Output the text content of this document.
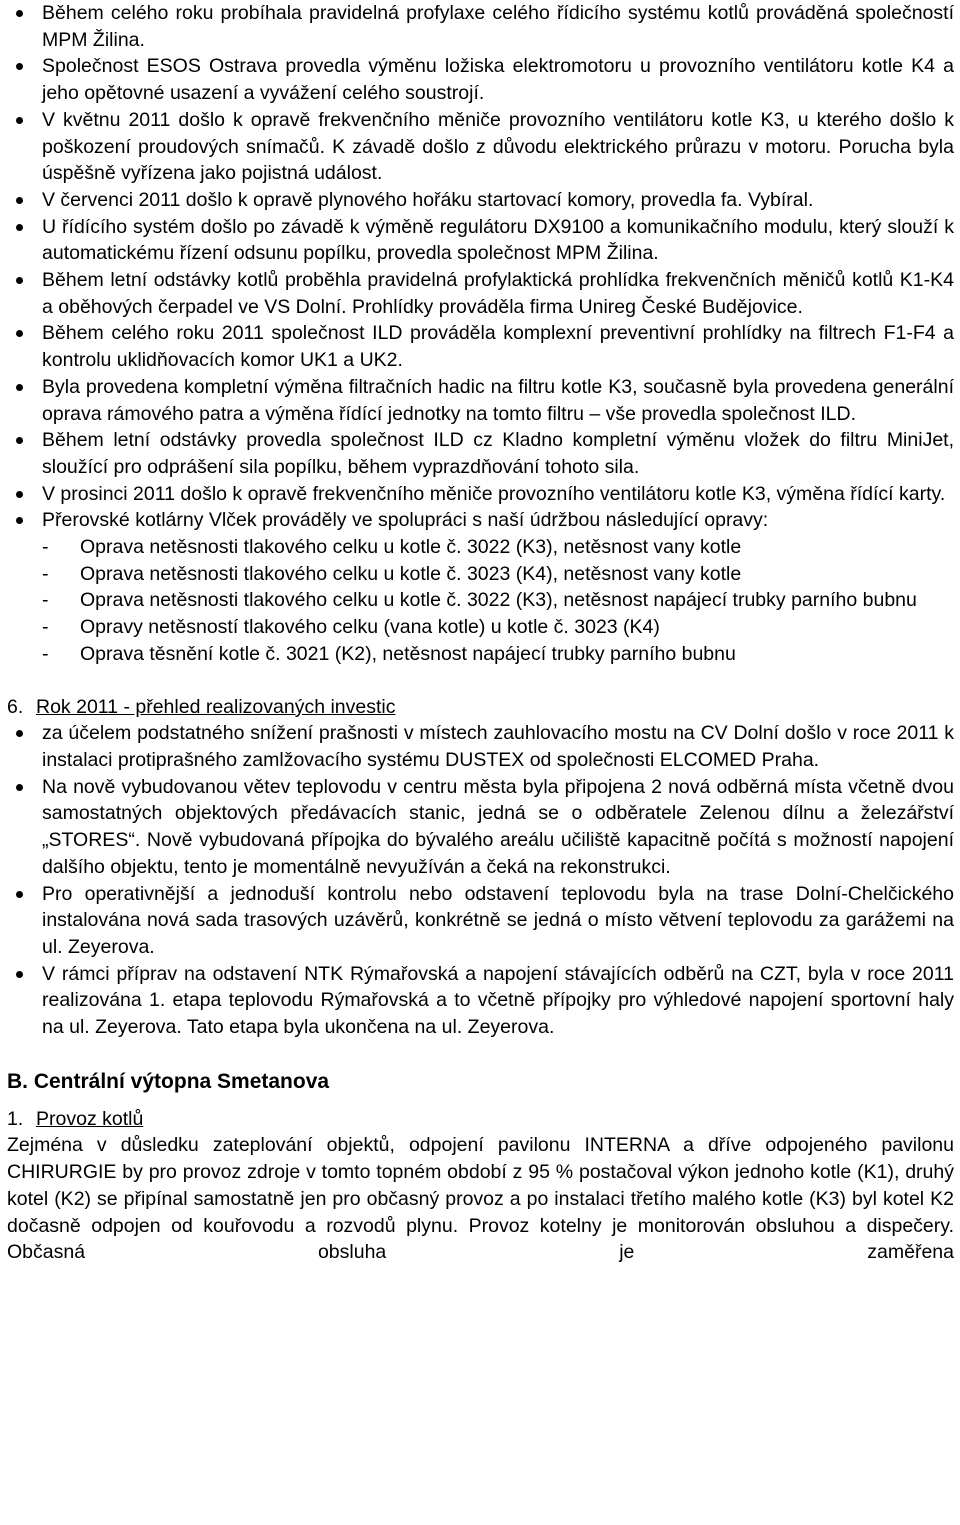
Během celého roku probíhala pravidelná profylaxe celého řídicího systému kotlů prováděná společností MPM Žilina.
Společnost ESOS Ostrava provedla výměnu ložiska elektromotoru u provozního ventilátoru kotle K4 a jeho opětovné usazení a vyvážení celého soustrojí.
V květnu 2011 došlo k opravě frekvenčního měniče provozního ventilátoru kotle K3, u kterého došlo k poškození proudových snímačů. K závadě došlo z důvodu elektrického průrazu v motoru. Porucha byla úspěšně vyřízena jako pojistná událost.
V červenci 2011 došlo k opravě plynového hořáku startovací komory, provedla fa. Vybíral.
U řídícího systém došlo po závadě k výměně regulátoru DX9100 a komunikačního modulu, který slouží k automatickému řízení odsunu popílku, provedla společnost MPM Žilina.
Během letní odstávky kotlů proběhla pravidelná profylaktická prohlídka frekvenčních měničů kotlů K1-K4 a oběhových čerpadel ve VS Dolní. Prohlídky prováděla firma Unireg České Budějovice.
Během celého roku 2011 společnost ILD prováděla komplexní preventivní prohlídky na filtrech F1-F4 a kontrolu uklidňovacích komor UK1 a UK2.
Byla provedena kompletní výměna filtračních hadic na filtru kotle K3, současně byla provedena generální oprava rámového patra a výměna řídící jednotky na tomto filtru – vše provedla společnost ILD.
Během letní odstávky provedla společnost ILD cz Kladno kompletní výměnu vložek do filtru MiniJet, sloužící pro odprášení sila popílku, během vyprazdňování tohoto sila.
V prosinci 2011 došlo k opravě frekvenčního měniče provozního ventilátoru kotle K3, výměna řídící karty.
Přerovské kotlárny Vlček prováděly ve spolupráci s naší údržbou následující opravy:
- Oprava netěsnosti tlakového celku u kotle č. 3022 (K3), netěsnost vany kotle
- Oprava netěsnosti tlakového celku u kotle č. 3023 (K4), netěsnost vany kotle
- Oprava netěsnosti tlakového celku u kotle č. 3022 (K3), netěsnost napájecí trubky parního bubnu
- Opravy netěsností tlakového celku (vana kotle) u kotle č. 3023 (K4)
- Oprava těsnění kotle č. 3021 (K2), netěsnost napájecí trubky parního bubnu
6. Rok 2011 - přehled realizovaných investic
za účelem podstatného snížení prašnosti v místech zauhlovacího mostu na CV Dolní došlo v roce 2011 k instalaci protiprašného zamlžovacího systému DUSTEX od společnosti ELCOMED Praha.
Na nově vybudovanou větev teplovodu v centru města byla připojena 2 nová odběrná místa včetně dvou samostatných objektových předávacích stanic, jedná se o odběratele Zelenou dílnu a železářství „STORES“. Nově vybudovaná přípojka do bývalého areálu učiliště kapacitně počítá s možností napojení dalšího objektu, tento je momentálně nevyužíván a čeká na rekonstrukci.
Pro operativnější a jednoduší kontrolu nebo odstavení teplovodu byla na trase Dolní-Chelčického instalována nová sada trasových uzávěrů, konkrétně se jedná o místo větvení teplovodu za garážemi na ul. Zeyerova.
V rámci příprav na odstavení NTK Rýmařovská a napojení stávajících odběrů na CZT, byla v roce 2011 realizována 1. etapa teplovodu Rýmařovská a to včetně přípojky pro výhledové napojení sportovní haly na ul. Zeyerova. Tato etapa byla ukončena na ul. Zeyerova.
B. Centrální výtopna Smetanova
1. Provoz kotlů
Zejména v důsledku zateplování objektů, odpojení pavilonu INTERNA a dříve odpojeného pavilonu CHIRURGIE by pro provoz zdroje v tomto topném období z 95 % postačoval výkon jednoho kotle (K1), druhý kotel (K2) se připínal samostatně jen pro občasný provoz a po instalaci třetího malého kotle (K3) byl kotel K2 dočasně odpojen od kouřovodu a rozvodů plynu. Provoz kotelny je monitorován obsluhou a dispečery. Občasná obsluha je zaměřena
